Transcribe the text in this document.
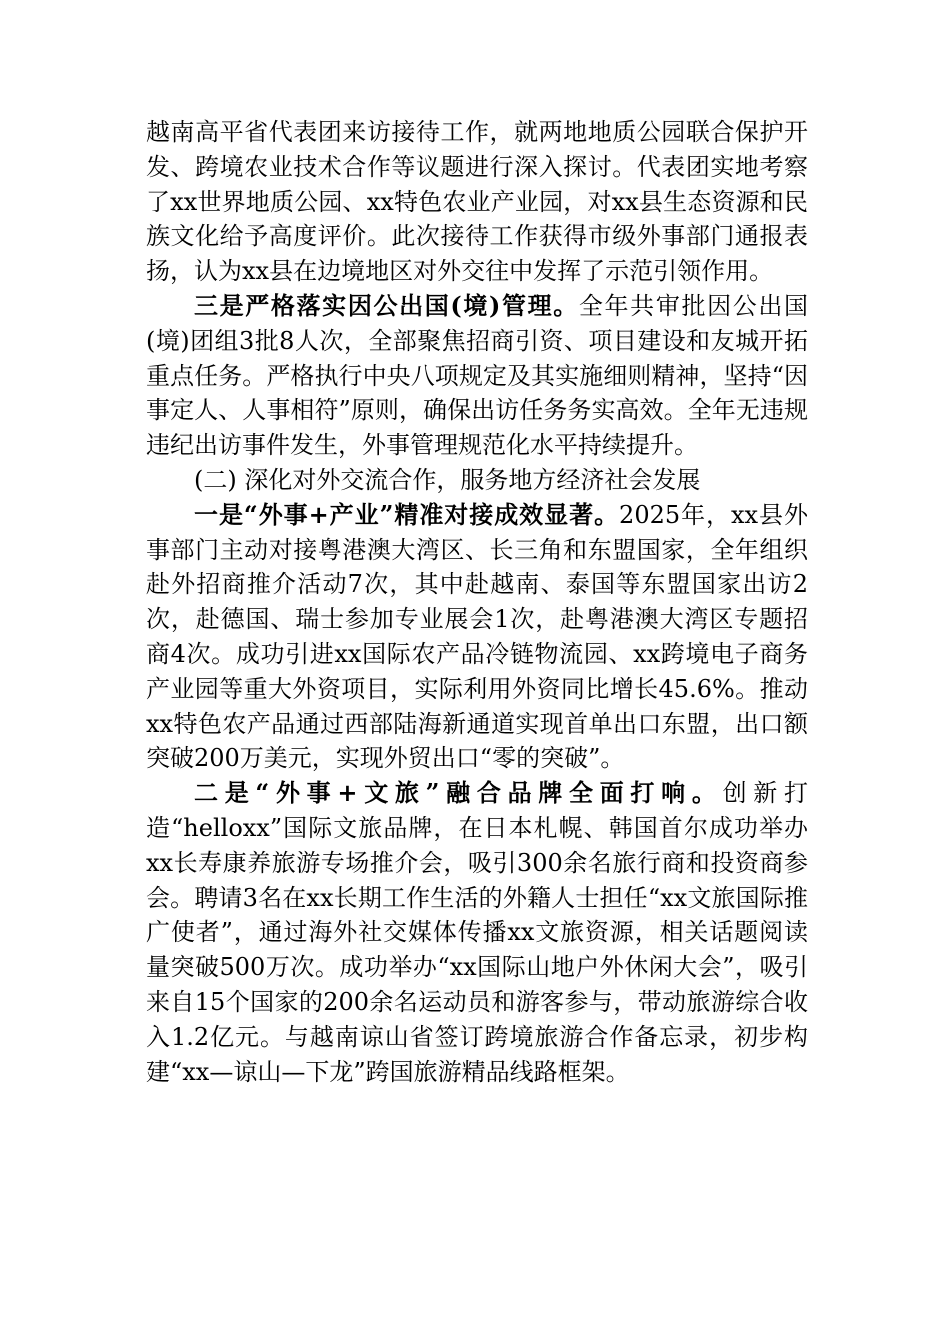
越南高平省代表团来访接待工作，就两地地质公园联合保护开发、跨境农业技术合作等议题进行深入探讨。代表团实地考察了xx世界地质公园、xx特色农业产业园，对xx县生态资源和民族文化给予高度评价。此次接待工作获得市级外事部门通报表扬，认为xx县在边境地区对外交往中发挥了示范引领作用。

三是严格落实因公出国(境)管理。全年共审批因公出国(境)团组3批8人次，全部聚焦招商引资、项目建设和友城开拓重点任务。严格执行中央八项规定及其实施细则精神，坚持“因事定人、人事相符”原则，确保出访任务务实高效。全年无违规违纪出访事件发生，外事管理规范化水平持续提升。

(二) 深化对外交流合作，服务地方经济社会发展

一是“外事+产业”精准对接成效显著。2025年，xx县外事部门主动对接粤港澳大湾区、长三角和东盟国家，全年组织赴外招商推介活动7次，其中赴越南、泰国等东盟国家出访2次，赴德国、瑞士参加专业展会1次，赴粤港澳大湾区专题招商4次。成功引进xx国际农产品冷链物流园、xx跨境电子商务产业园等重大外资项目，实际利用外资同比增长45.6%。推动xx特色农产品通过西部陆海新通道实现首单出口东盟，出口额突破200万美元，实现外贸出口“零的突破”。

二是“外事+文旅”融合品牌全面打响。创新打造“helloxx”国际文旅品牌，在日本札幌、韩国首尔成功举办xx长寿康养旅游专场推介会，吸引300余名旅行商和投资商参会。聘请3名在xx长期工作生活的外籍人士担任“xx文旅国际推广使者”，通过海外社交媒体传播xx文旅资源，相关话题阅读量突破500万次。成功举办“xx国际山地户外休闲大会”，吸引来自15个国家的200余名运动员和游客参与，带动旅游综合收入1.2亿元。与越南谅山省签订跨境旅游合作备忘录，初步构建“xx—谅山—下龙”跨国旅游精品线路框架。
